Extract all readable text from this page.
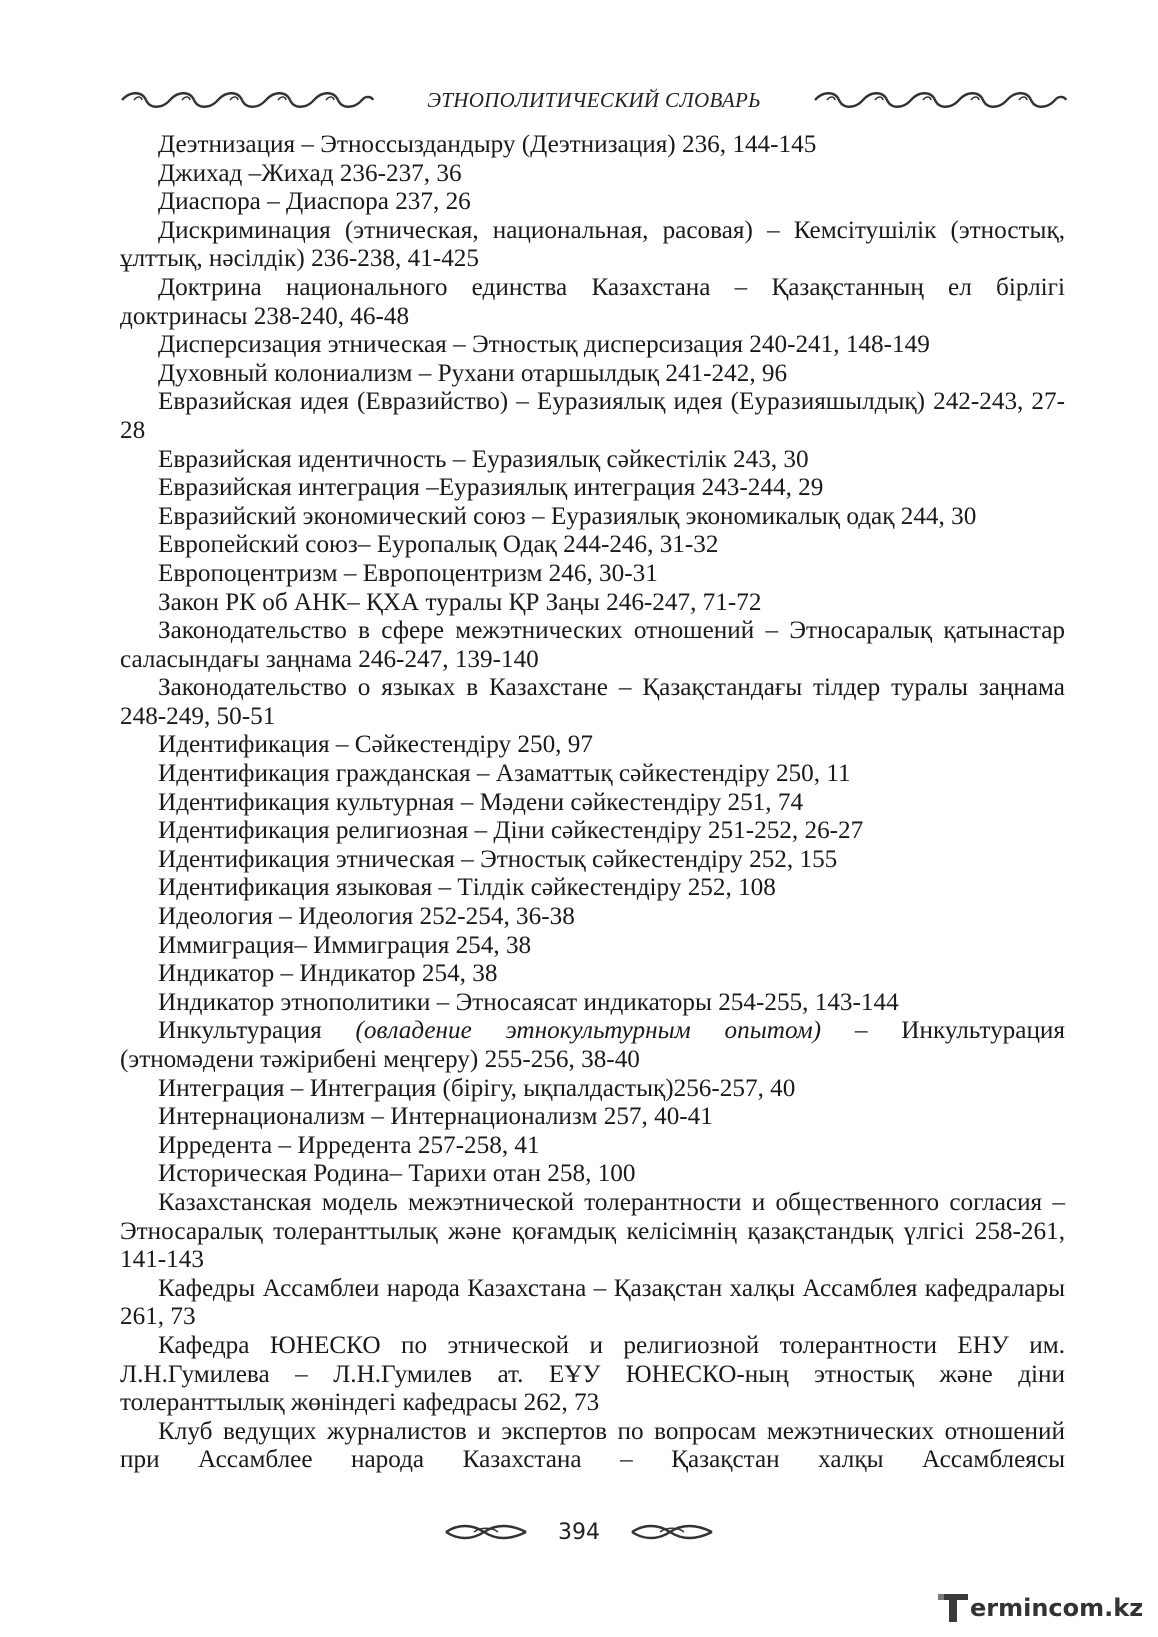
ЭТНОПОЛИТИЧЕСКИЙ СЛОВАРЬ

Деэтнизация – Этноссыздандыру (Деэтнизация) 236, 144-145

Джихад –Жихад 236-237, 36

Диаспора – Диаспора 237, 26

Дискриминация (этническая, национальная, расовая) – Кемсітушілік (этностық, ұлттық, нәсілдік) 236-238, 41-425

Доктрина национального единства Казахстана – Қазақстанның ел бірлігі доктринасы 238-240, 46-48

Дисперсизация этническая – Этностық дисперсизация 240-241, 148-149

Духовный колониализм – Рухани отаршылдық 241-242, 96

Евразийская идея (Евразийство) – Еуразиялық идея (Еуразияшылдық) 242-243, 27-28

Евразийская идентичность – Еуразиялық сәйкестілік 243, 30

Евразийская интеграция –Еуразиялық интеграция 243-244, 29

Евразийский экономический союз – Еуразиялық экономикалық одақ 244, 30

Европейский союз– Еуропалық Одақ 244-246, 31-32

Европоцентризм – Европоцентризм 246, 30-31

Закон РК об АНК– ҚХА туралы ҚР Заңы 246-247, 71-72

Законодательство в сфере межэтнических отношений – Этносаралық қатынастар саласындағы заңнама 246-247, 139-140

Законодательство о языках в Казахстане – Қазақстандағы тілдер туралы заңнама 248-249, 50-51

Идентификация – Сәйкестендіру 250, 97

Идентификация гражданская – Азаматтық сәйкестендіру 250, 11

Идентификация культурная – Мәдени сәйкестендіру 251, 74

Идентификация религиозная – Діни сәйкестендіру 251-252, 26-27

Идентификация этническая – Этностық сәйкестендіру 252, 155

Идентификация языковая – Тілдік сәйкестендіру 252, 108

Идеология – Идеология 252-254, 36-38

Иммиграция– Иммиграция 254, 38

Индикатор – Индикатор 254, 38

Индикатор этнополитики – Этносаясат индикаторы 254-255, 143-144

Инкультурация (овладение этнокультурным опытом) – Инкультурация (этномәдени тәжірибені меңгеру) 255-256, 38-40

Интеграция – Интеграция (бірігу, ықпалдастық)256-257, 40

Интернационализм – Интернационализм 257, 40-41

Ирредента – Ирредента 257-258, 41

Историческая Родина– Тарихи отан 258, 100

Казахстанская модель межэтнической толерантности и общественного согласия – Этносаралық толеранттылық және қоғамдық келісімнің қазақстандық үлгісі 258-261, 141-143

Кафедры Ассамблеи народа Казахстана – Қазақстан халқы Ассамблея кафедралары 261, 73

Кафедра ЮНЕСКО по этнической и религиозной толерантности ЕНУ им. Л.Н.Гумилева – Л.Н.Гумилев ат. ЕҰУ ЮНЕСКО-ның этностық және діни толеранттылық жөніндегі кафедрасы 262, 73

Клуб ведущих журналистов и экспертов по вопросам межэтнических отношений при Ассамблее народа Казахстана – Қазақстан халқы Ассамблеясы

394
ermincom.kz
